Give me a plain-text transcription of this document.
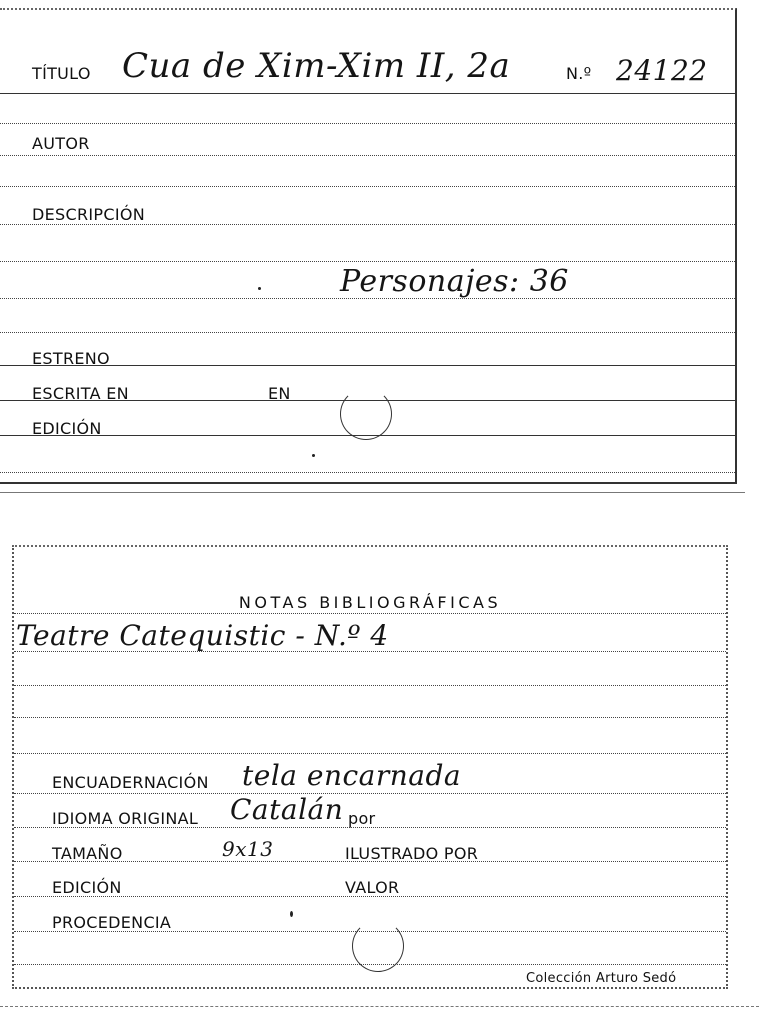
TÍTULO Cua de Xim-Xim II, 2a	N.º 24122
AUTOR
DESCRIPCIÓN
Personajes: 36
ESTRENO
ESCRITA EN	EN
EDICIÓN
NOTAS BIBLIOGRÁFICAS
Teatre Catequistic - N.º 4
ENCUADERNACIÓN tela encarnada
IDIOMA ORIGINAL Catalán por
TAMAÑO	9x13	ILUSTRADO POR
EDICIÓN	VALOR
PROCEDENCIA
Colección Arturo Sedó
